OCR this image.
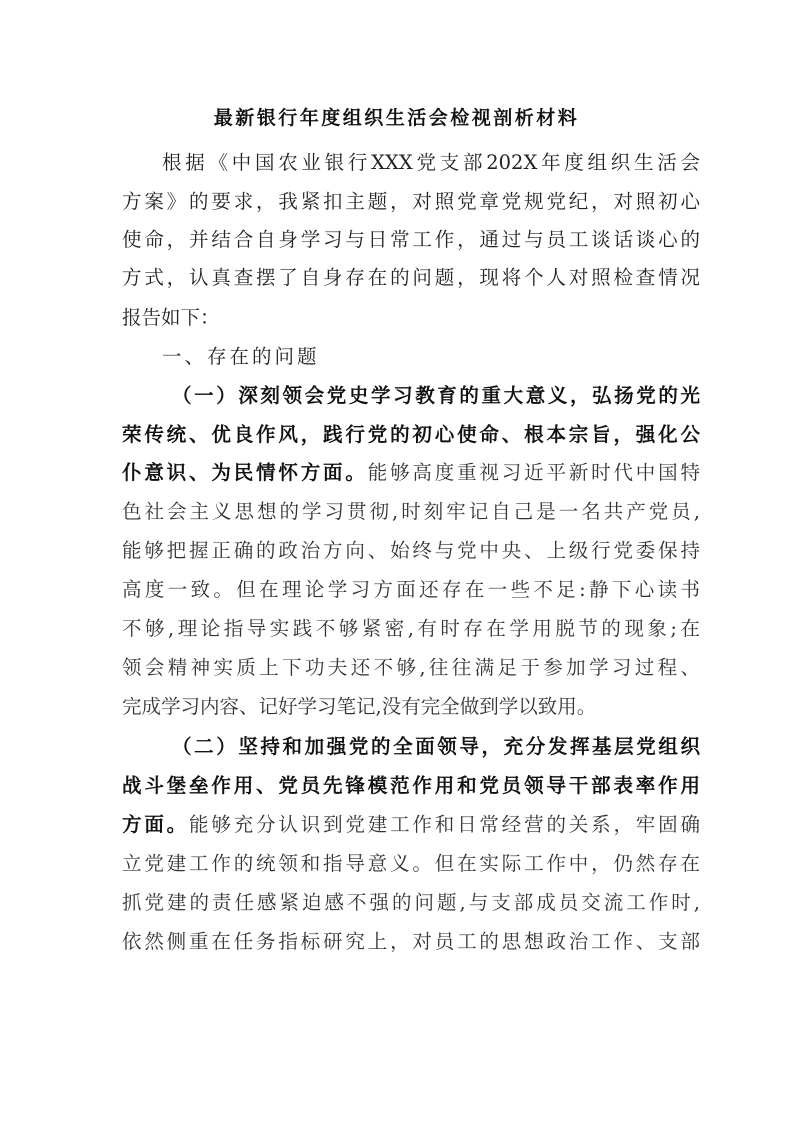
最新银行年度组织生活会检视剖析材料
根据《中国农业银行XXX党支部202X年度组织生活会
方案》的要求，我紧扣主题，对照党章党规党纪，对照初心
使命，并结合自身学习与日常工作，通过与员工谈话谈心的
方式，认真查摆了自身存在的问题，现将个人对照检查情况
报告如下：
一、存在的问题
（一）深刻领会党史学习教育的重大意义，弘扬党的光
荣传统、优良作风，践行党的初心使命、根本宗旨，强化公
仆意识、为民情怀方面。能够高度重视习近平新时代中国特
色社会主义思想的学习贯彻,时刻牢记自己是一名共产党员,
能够把握正确的政治方向、始终与党中央、上级行党委保持
高度一致。但在理论学习方面还存在一些不足:静下心读书
不够,理论指导实践不够紧密,有时存在学用脱节的现象;在
领会精神实质上下功夫还不够,往往满足于参加学习过程、
完成学习内容、记好学习笔记,没有完全做到学以致用。
（二）坚持和加强党的全面领导，充分发挥基层党组织
战斗堡垒作用、党员先锋模范作用和党员领导干部表率作用
方面。能够充分认识到党建工作和日常经营的关系，牢固确
立党建工作的统领和指导意义。但在实际工作中，仍然存在
抓党建的责任感紧迫感不强的问题,与支部成员交流工作时,
依然侧重在任务指标研究上，对员工的思想政治工作、支部
